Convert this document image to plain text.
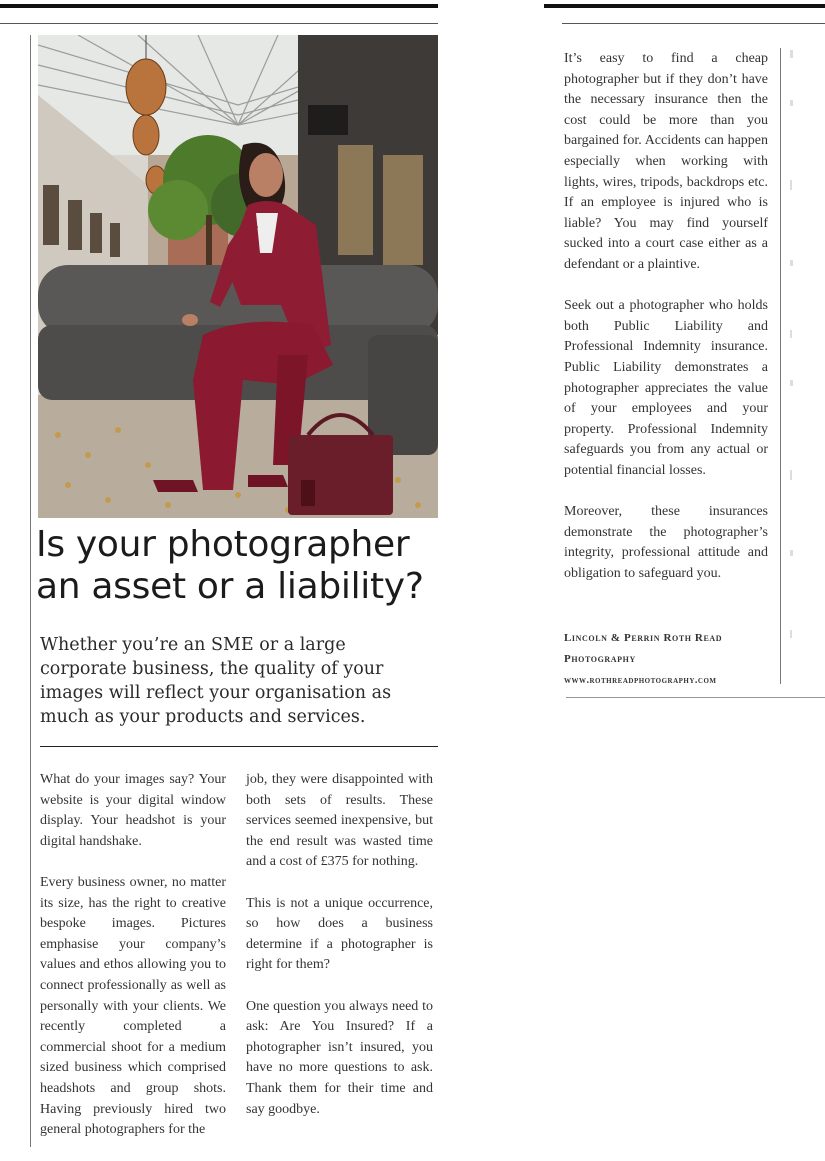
Is your photographer an asset or a liability?
Whether you’re an SME or a large corporate business, the quality of your images will reflect your organisation as much as your products and services.

What do your images say? Your website is your digital window display. Your headshot is your digital handshake.

Every business owner, no matter its size, has the right to creative bespoke images. Pictures emphasise your company’s values and ethos allowing you to connect professionally as well as personally with your clients. We recently completed a commercial shoot for a medium sized business which comprised headshots and group shots. Having previously hired two general photographers for the

job, they were disappointed with both sets of results. These services seemed inexpensive, but the end result was wasted time and a cost of £375 for nothing.

This is not a unique occurrence, so how does a business determine if a photographer is right for them?

One question you always need to ask: Are You Insured? If a photographer isn’t insured, you have no more questions to ask. Thank them for their time and say goodbye.

It’s easy to find a cheap photographer but if they don’t have the necessary insurance then the cost could be more than you bargained for. Accidents can happen especially when working with lights, wires, tripods, backdrops etc. If an employee is injured who is liable? You may find yourself sucked into a court case either as a defendant or a plaintive.

Seek out a photographer who holds both Public Liability and Professional Indemnity insurance. Public Liability demonstrates a photographer appreciates the value of your employees and your property. Professional Indemnity safeguards you from any actual or potential financial losses.

Moreover, these insurances demonstrate the photographer’s integrity, professional attitude and obligation to safeguard you.

Lincoln & Perrin Roth Read
Photography
www.rothreadphotography.com
